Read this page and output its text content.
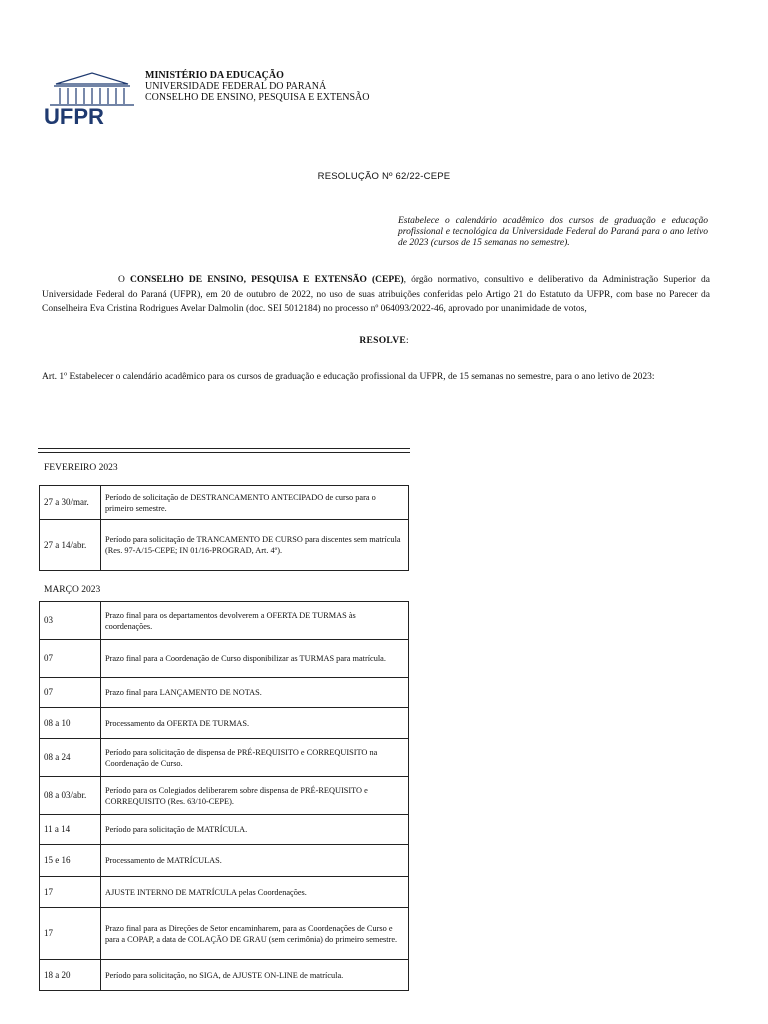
UFPR
MINISTÉRIO DA EDUCAÇÃO
UNIVERSIDADE FEDERAL DO PARANÁ
CONSELHO DE ENSINO, PESQUISA E EXTENSÃO
RESOLUÇÃO Nº 62/22-CEPE
Estabelece o calendário acadêmico dos cursos de graduação e educação profissional e tecnológica da Universidade Federal do Paraná para o ano letivo de 2023 (cursos de 15 semanas no semestre).
O CONSELHO DE ENSINO, PESQUISA E EXTENSÃO (CEPE), órgão normativo, consultivo e deliberativo da Administração Superior da Universidade Federal do Paraná (UFPR), em 20 de outubro de 2022, no uso de suas atribuições conferidas pelo Artigo 21 do Estatuto da UFPR, com base no Parecer da Conselheira Eva Cristina Rodrigues Avelar Dalmolin (doc. SEI 5012184) no processo nº 064093/2022-46, aprovado por unanimidade de votos,
RESOLVE:
Art. 1º Estabelecer o calendário acadêmico para os cursos de graduação e educação profissional da UFPR, de 15 semanas no semestre, para o ano letivo de 2023:
FEVEREIRO 2023
27 a 30/mar.	Período de solicitação de DESTRANCAMENTO ANTECIPADO de curso para o primeiro semestre.
27 a 14/abr.	Período para solicitação de TRANCAMENTO DE CURSO para discentes sem matrícula (Res. 97-A/15-CEPE; IN 01/16-PROGRAD, Art. 4º).
MARÇO 2023
03	Prazo final para os departamentos devolverem a OFERTA DE TURMAS às coordenações.
07	Prazo final para a Coordenação de Curso disponibilizar as TURMAS para matrícula.
07	Prazo final para LANÇAMENTO DE NOTAS.
08 a 10	Processamento da OFERTA DE TURMAS.
08 a 24	Período para solicitação de dispensa de PRÉ-REQUISITO e CORREQUISITO na Coordenação de Curso.
08 a 03/abr.	Período para os Colegiados deliberarem sobre dispensa de PRÉ-REQUISITO e CORREQUISITO (Res. 63/10-CEPE).
11 a 14	Período para solicitação de MATRÍCULA.
15 e 16	Processamento de MATRÍCULAS.
17	AJUSTE INTERNO DE MATRÍCULA pelas Coordenações.
17	Prazo final para as Direções de Setor encaminharem, para as Coordenações de Curso e para a COPAP, a data de COLAÇÃO DE GRAU (sem cerimônia) do primeiro semestre.
18 a 20	Período para solicitação, no SIGA, de AJUSTE ON-LINE de matrícula.
